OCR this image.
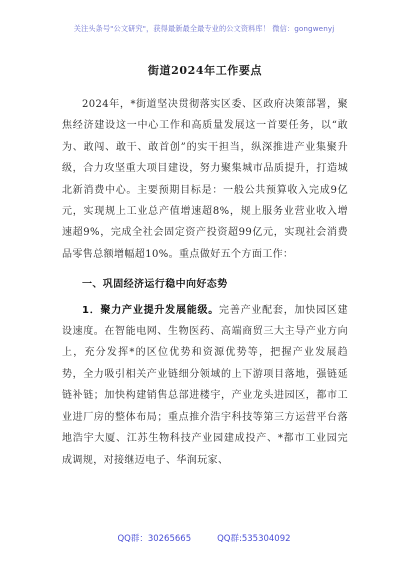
关注头条号"公文研究"，获得最新最全最专业的公文资料库！ 微信：gongwenyj
街道2024年工作要点

2024年，*街道坚决贯彻落实区委、区政府决策部署，聚焦经济建设这一中心工作和高质量发展这一首要任务，以“敢为、敢闯、敢干、敢首创”的实干担当，纵深推进产业集聚升级，合力攻坚重大项目建设，努力聚集城市品质提升，打造城北新消费中心。主要预期目标是：一般公共预算收入完成9亿元，实现规上工业总产值增速超8%，规上服务业营业收入增速超9%，完成全社会固定资产投资超99亿元，实现社会消费品零售总额增幅超10%。重点做好五个方面工作：

一、巩固经济运行稳中向好态势

1．聚力产业提升发展能级。完善产业配套，加快园区建设速度。在智能电网、生物医药、高端商贸三大主导产业方向上，充分发挥*的区位优势和资源优势等，把握产业发展趋势，全力吸引相关产业链细分领域的上下游项目落地，强链延链补链；加快构建销售总部进楼宇，产业龙头进园区，都市工业进厂房的整体布局；重点推介浩宇科技等第三方运营平台落地浩宇大厦、江苏生物科技产业园建成投产、*都市工业园完成调规，对接继迈电子、华润玩家、

QQ群：30265665	QQ群:535304092
